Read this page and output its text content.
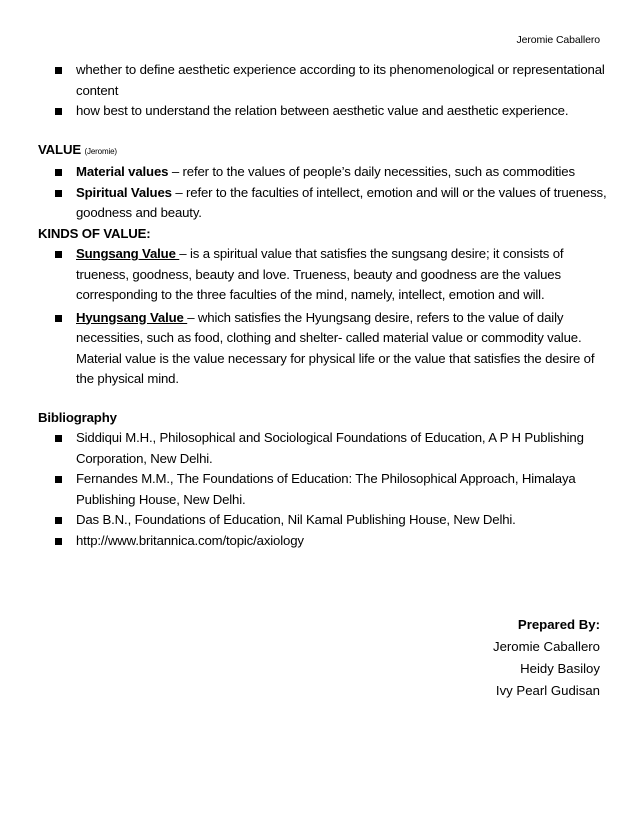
Jeromie Caballero
whether to define aesthetic experience according to its phenomenological or representational content
how best to understand the relation between aesthetic value and aesthetic experience.
VALUE (Jeromie)
Material values – refer to the values of people’s daily necessities, such as commodities
Spiritual Values – refer to the faculties of intellect, emotion and will or the values of trueness, goodness and beauty.
KINDS OF VALUE:
Sungsang Value – is a spiritual value that satisfies the sungsang desire; it consists of trueness, goodness, beauty and love. Trueness, beauty and goodness are the values corresponding to the three faculties of the mind, namely, intellect, emotion and will.
Hyungsang Value – which satisfies the Hyungsang desire, refers to the value of daily necessities, such as food, clothing and shelter- called material value or commodity value. Material value is the value necessary for physical life or the value that satisfies the desire of the physical mind.
Bibliography
Siddiqui M.H., Philosophical and Sociological Foundations of Education, A P H Publishing Corporation, New Delhi.
Fernandes M.M., The Foundations of Education: The Philosophical Approach, Himalaya Publishing House, New Delhi.
Das B.N., Foundations of Education, Nil Kamal Publishing House, New Delhi.
http://www.britannica.com/topic/axiology
Prepared By:
Jeromie Caballero
Heidy Basiloy
Ivy Pearl Gudisan
